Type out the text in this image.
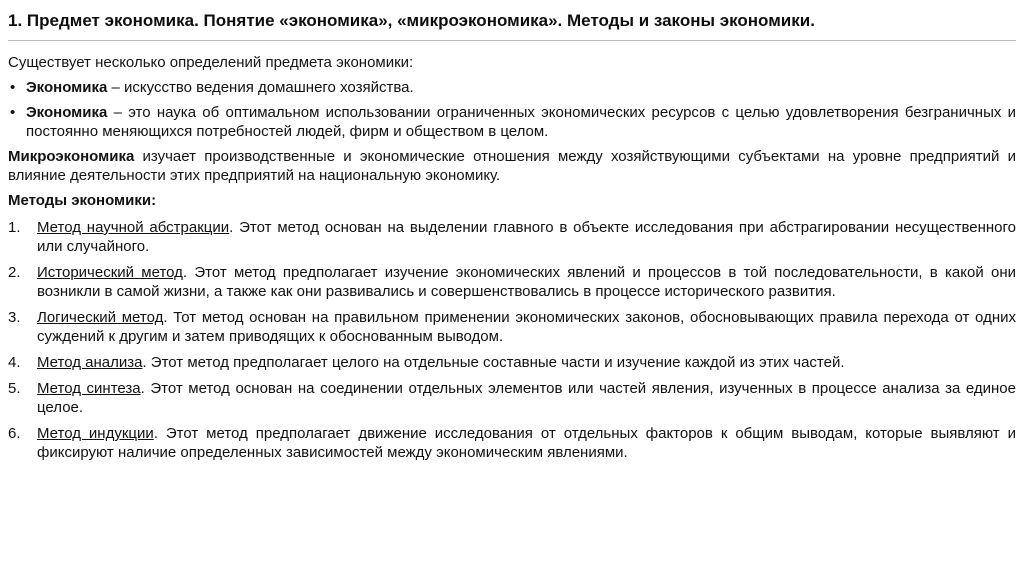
1. Предмет экономика. Понятие «экономика», «микроэкономика». Методы и законы экономики.
Существует несколько определений предмета экономики:
• Экономика – искусство ведения домашнего хозяйства.
• Экономика – это наука об оптимальном использовании ограниченных экономических ресурсов с целью удовлетворения безграничных и постоянно меняющихся потребностей людей, фирм и обществом в целом.
Микроэкономика изучает производственные и экономические отношения между хозяйствующими субъектами на уровне предприятий и влияние деятельности этих предприятий на национальную экономику.
Методы экономики:
1. Метод научной абстракции. Этот метод основан на выделении главного в объекте исследования при абстрагировании несущественного или случайного.
2. Исторический метод. Этот метод предполагает изучение экономических явлений и процессов в той последовательности, в какой они возникли в самой жизни, а также как они развивались и совершенствовались в процессе исторического развития.
3. Логический метод. Тот метод основан на правильном применении экономических законов, обосновывающих правила перехода от одних суждений к другим и затем приводящих к обоснованным выводом.
4. Метод анализа. Этот метод предполагает целого на отдельные составные части и изучение каждой из этих частей.
5. Метод синтеза. Этот метод основан на соединении отдельных элементов или частей явления, изученных в процессе анализа за единое целое.
6. Метод индукции. Этот метод предполагает движение исследования от отдельных факторов к общим выводам, которые выявляют и фиксируют наличие определенных зависимостей между экономическим явлениями.
